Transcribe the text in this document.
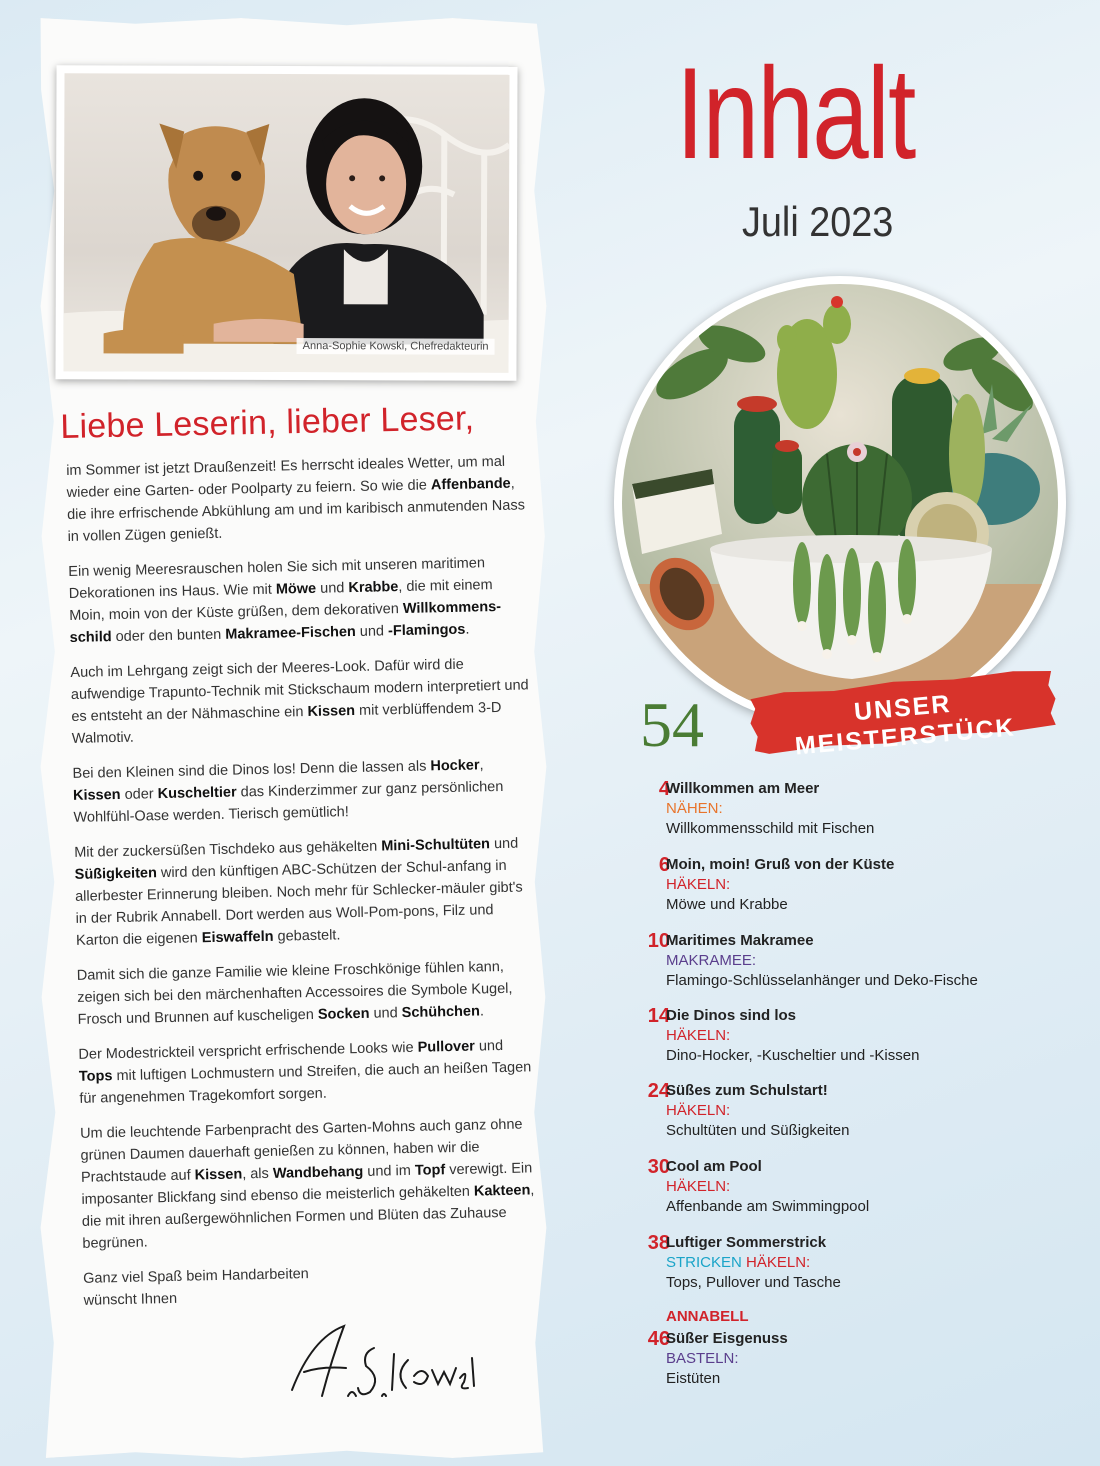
Anna-Sophie Kowski, Chefredakteurin
Liebe Leserin, lieber Leser,

im Sommer ist jetzt Draußenzeit! Es herrscht ideales Wetter, um mal wieder eine Garten- oder Poolparty zu feiern. So wie die Affenbande, die ihre erfrischende Abkühlung am und im karibisch anmutenden Nass in vollen Zügen genießt.

Ein wenig Meeresrauschen holen Sie sich mit unseren maritimen Dekorationen ins Haus. Wie mit Möwe und Krabbe, die mit einem Moin, moin von der Küste grüßen, dem dekorativen Willkommens-schild oder den bunten Makramee-Fischen und -Flamingos.

Auch im Lehrgang zeigt sich der Meeres-Look. Dafür wird die aufwendige Trapunto-Technik mit Stickschaum modern interpretiert und es entsteht an der Nähmaschine ein Kissen mit verblüffendem 3-D Walmotiv.

Bei den Kleinen sind die Dinos los! Denn die lassen als Hocker, Kissen oder Kuscheltier das Kinderzimmer zur ganz persönlichen Wohlfühl-Oase werden. Tierisch gemütlich!

Mit der zuckersüßen Tischdeko aus gehäkelten Mini-Schultüten und Süßigkeiten wird den künftigen ABC-Schützen der Schul-anfang in allerbester Erinnerung bleiben. Noch mehr für Schlecker-mäuler gibt's in der Rubrik Annabell. Dort werden aus Woll-Pom-pons, Filz und Karton die eigenen Eiswaffeln gebastelt.

Damit sich die ganze Familie wie kleine Froschkönige fühlen kann, zeigen sich bei den märchenhaften Accessoires die Symbole Kugel, Frosch und Brunnen auf kuscheligen Socken und Schühchen.

Der Modestrickteil verspricht erfrischende Looks wie Pullover und Tops mit luftigen Lochmustern und Streifen, die auch an heißen Tagen für angenehmen Tragekomfort sorgen.

Um die leuchtende Farbenpracht des Garten-Mohns auch ganz ohne grünen Daumen dauerhaft genießen zu können, haben wir die Prachtstaude auf Kissen, als Wandbehang und im Topf verewigt. Ein imposanter Blickfang sind ebenso die meisterlich gehäkelten Kakteen, die mit ihren außergewöhnlichen Formen und Blüten das Zuhause begrünen.

Ganz viel Spaß beim Handarbeiten
wünscht Ihnen
Inhalt
Juli 2023
54	UNSER MEISTERSTÜCK
4
Willkommen am Meer
NÄHEN:
Willkommensschild mit Fischen
6
Moin, moin! Gruß von der Küste
HÄKELN:
Möwe und Krabbe
10
Maritimes Makramee
MAKRAMEE:
Flamingo-Schlüsselanhänger und Deko-Fische
14
Die Dinos sind los
HÄKELN:
Dino-Hocker, -Kuscheltier und -Kissen
24
Süßes zum Schulstart!
HÄKELN:
Schultüten und Süßigkeiten
30
Cool am Pool
HÄKELN:
Affenbande am Swimmingpool
38
Luftiger Sommerstrick
STRICKEN HÄKELN:
Tops, Pullover und Tasche
ANNABELL
46
Süßer Eisgenuss
BASTELN:
Eistüten
